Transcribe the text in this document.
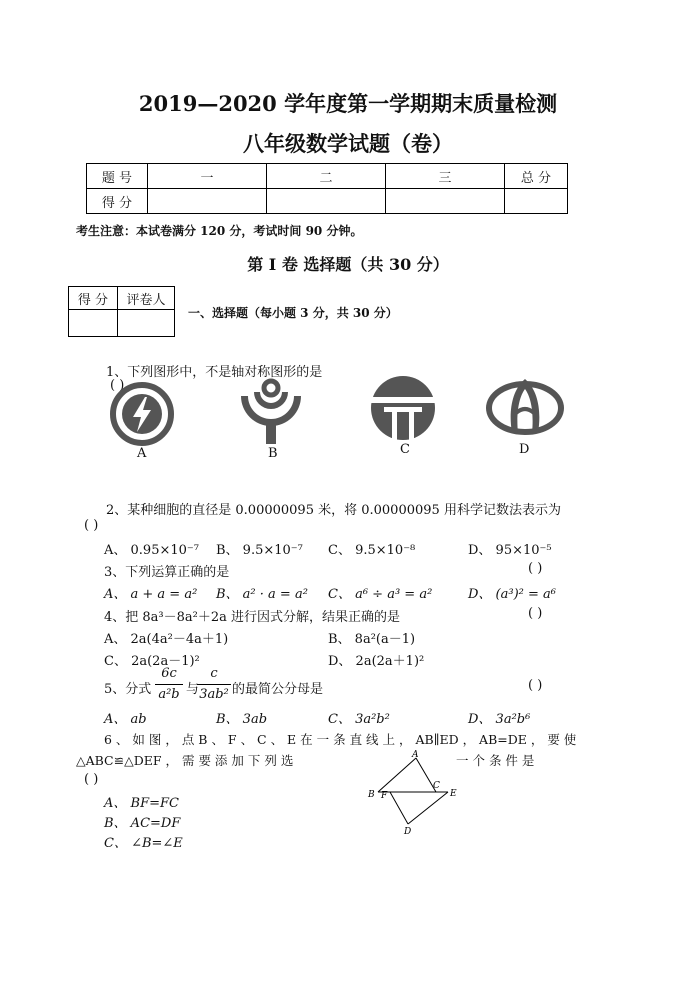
2019—2020 学年度第一学期期末质量检测
八年级数学试题（卷）
题 号	一	二	三	总 分
得 分				
考生注意：本试卷满分 120 分，考试时间 90 分钟。
第 I 卷 选择题（共 30 分）
得 分	评卷人

一、选择题（每小题 3 分，共 30 分）
1、下列图形中，不是轴对称图形的是
( )
A	B	C	D
2、某种细胞的直径是 0.00000095 米，将 0.00000095 用科学记数法表示为
( )
A、 0.95×10⁻⁷ B、 9.5×10⁻⁷ C、 9.5×10⁻⁸	D、 95×10⁻⁵
3、下列运算正确的是	( )
A、 a + a = a² B、 a² · a = a² C、 a⁶ ÷ a³ = a²	D、 (a³)² = a⁶
4、把 8a³－8a²＋2a 进行因式分解，结果正确的是	( )
A、 2a(4a²－4a＋1)	B、 8a²(a－1)
C、 2a(2a－1)²	D、 2a(2a＋1)²
5、分式
6c
a²b 与
c
3ab² 的最简公分母是	( )
A、 ab	B、 3ab	C、 3a²b²	D、 3a²b⁶
6 、 如 图 ， 点 B 、 F 、 C 、 E 在 一 条 直 线 上 ， AB∥ED ， AB=DE ， 要 使
△ABC≌△DEF ， 需 要 添 加 下 列 选	一 个 条 件 是
( )
A、 BF=FC
B、 AC=DF
C、 ∠B=∠E
A
B F
C
E
D
